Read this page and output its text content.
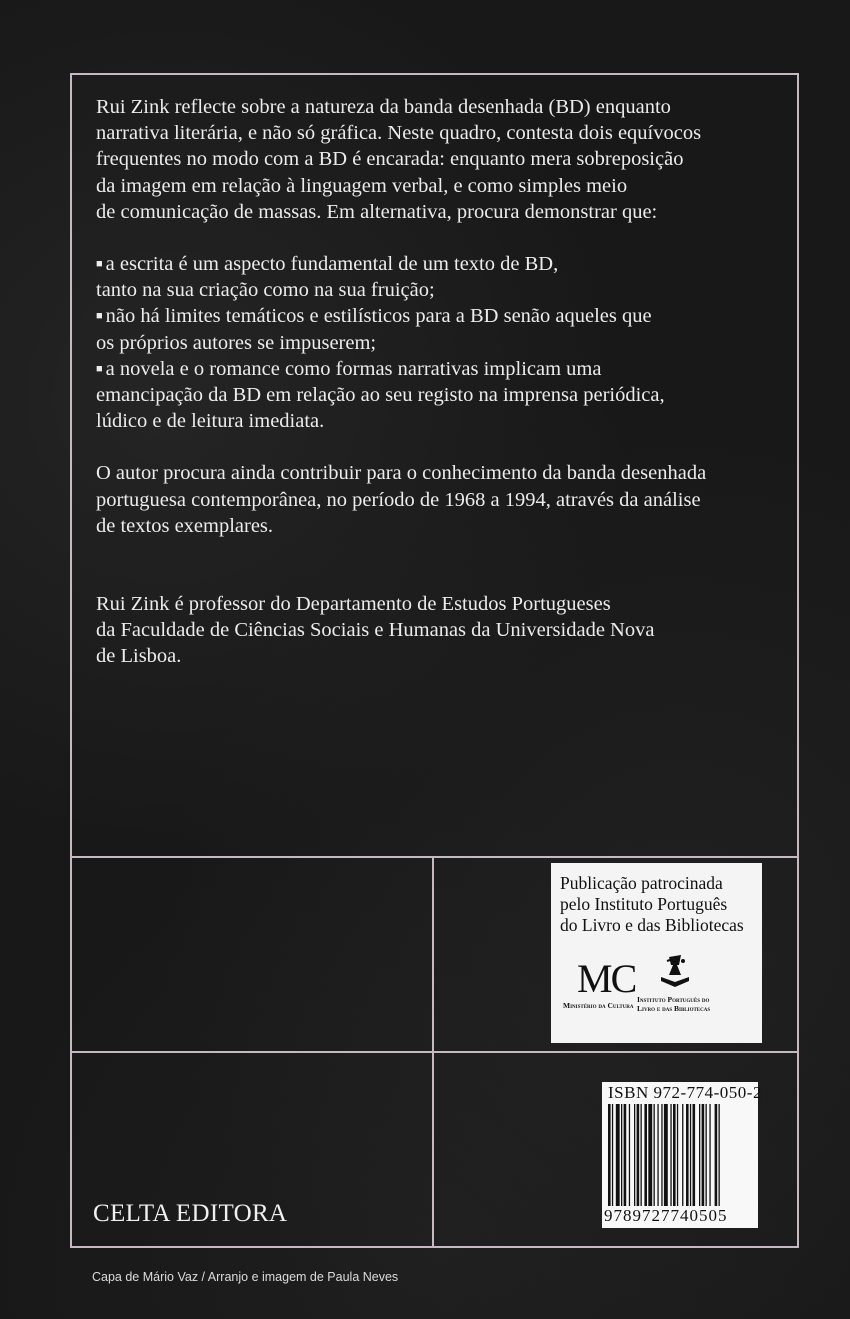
Rui Zink reflecte sobre a natureza da banda desenhada (BD) enquanto
narrativa literária, e não só gráfica. Neste quadro, contesta dois equívocos
frequentes no modo com a BD é encarada: enquanto mera sobreposição
da imagem em relação à linguagem verbal, e como simples meio
de comunicação de massas. Em alternativa, procura demonstrar que:

■ a escrita é um aspecto fundamental de um texto de BD,
tanto na sua criação como na sua fruição;
■ não há limites temáticos e estilísticos para a BD senão aqueles que
os próprios autores se impuserem;
■ a novela e o romance como formas narrativas implicam uma
emancipação da BD em relação ao seu registo na imprensa periódica,
lúdico e de leitura imediata.

O autor procura ainda contribuir para o conhecimento da banda desenhada
portuguesa contemporânea, no período de 1968 a 1994, através da análise
de textos exemplares.

Rui Zink é professor do Departamento de Estudos Portugueses
da Faculdade de Ciências Sociais e Humanas da Universidade Nova
de Lisboa.

Publicação patrocinada
pelo Instituto Português
do Livro e das Bibliotecas
MC
Ministério da Cultura
Instituto Português do
Livro e das Bibliotecas
ISBN 972-774-050-2
9789727740505
CELTA EDITORA
Capa de Mário Vaz / Arranjo e imagem de Paula Neves
